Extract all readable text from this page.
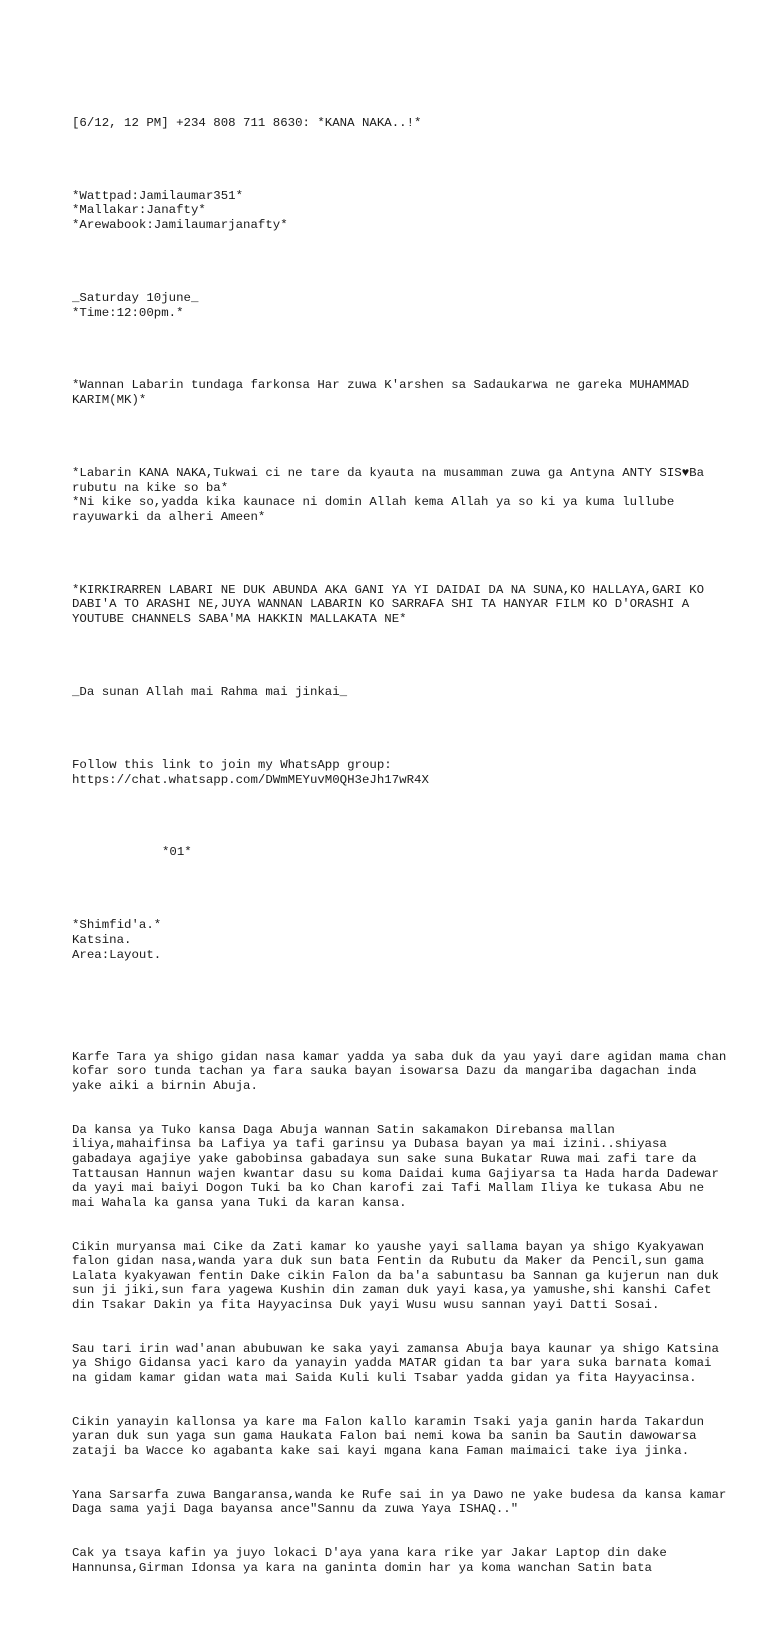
[6/12, 12 PM] +234 808 711 8630: *KANA NAKA..!*

*Wattpad:Jamilaumar351*
*Mallakar:Janafty*
*Arewabook:Jamilaumarjanafty*

_Saturday 10june_
*Time:12:00pm.*

*Wannan Labarin tundaga farkonsa Har zuwa K'arshen sa Sadaukarwa ne gareka MUHAMMAD KARIM(MK)*

*Labarin KANA NAKA,Tukwai ci ne tare da kyauta na musamman zuwa ga Antyna ANTY SIS♥Ba rubutu na kike so ba*
*Ni kike so,yadda kika kaunace ni domin Allah kema Allah ya so ki ya kuma lullube rayuwarki da alheri Ameen*

*KIRKIRARREN LABARI NE DUK ABUNDA AKA GANI YA YI DAIDAI DA NA SUNA,KO HALLAYA,GARI KO DABI'A TO ARASHI NE,JUYA WANNAN LABARIN KO SARRAFA SHI TA HANYAR FILM KO D'ORASHI A YOUTUBE CHANNELS SABA'MA HAKKIN MALLAKATA NE*

_Da sunan Allah mai Rahma mai jinkai_

Follow this link to join my WhatsApp group:
https://chat.whatsapp.com/DWmMEYuvM0QH3eJh17wR4X

*01*

*Shimfid'a.*
Katsina.
Area:Layout.

Karfe Tara ya shigo gidan nasa kamar yadda ya saba duk da yau yayi dare agidan mama chan kofar soro tunda tachan ya fara sauka bayan isowarsa Dazu da mangariba dagachan inda yake aiki a birnin Abuja.

Da kansa ya Tuko kansa Daga Abuja wannan Satin sakamakon Direbansa mallan iliya,mahaifinsa ba Lafiya ya tafi garinsu ya Dubasa bayan ya mai izini..shiyasa gabadaya agajiye yake gabobinsa gabadaya sun sake suna Bukatar Ruwa mai zafi tare da Tattausan Hannun wajen kwantar dasu su koma Daidai kuma Gajiyarsa ta Hada harda Dadewar da yayi mai baiyi Dogon Tuki ba ko Chan karofi zai Tafi Mallam Iliya ke tukasa Abu ne mai Wahala ka gansa yana Tuki da karan kansa.

Cikin muryansa mai Cike da Zati kamar ko yaushe yayi sallama bayan ya shigo Kyakyawan falon gidan nasa,wanda yara duk sun bata Fentin da Rubutu da Maker da Pencil,sun gama Lalata kyakyawan fentin Dake cikin Falon da ba'a sabuntasu ba Sannan ga kujerun nan duk sun ji jiki,sun fara yagewa Kushin din zaman duk yayi kasa,ya yamushe,shi kanshi Cafet din Tsakar Dakin ya fita Hayyacinsa Duk yayi Wusu wusu sannan yayi Datti Sosai.

Sau tari irin wad'anan abubuwan ke saka yayi zamansa Abuja baya kaunar ya shigo Katsina ya Shigo Gidansa yaci karo da yanayin yadda MATAR gidan ta bar yara suka barnata komai na gidam kamar gidan wata mai Saida Kuli kuli Tsabar yadda gidan ya fita Hayyacinsa.

Cikin yanayin kallonsa ya kare ma Falon kallo karamin Tsaki yaja ganin harda Takardun yaran duk sun yaga sun gama Haukata Falon bai nemi kowa ba sanin ba Sautin dawowarsa zataji ba Wacce ko agabanta kake sai kayi mgana kana Faman maimaici take iya jinka.

Yana Sarsarfa zuwa Bangaransa,wanda ke Rufe sai in ya Dawo ne yake budesa da kansa kamar Daga sama yaji Daga bayansa ance"Sannu da zuwa Yaya ISHAQ.."

Cak ya tsaya kafin ya juyo lokaci D'aya yana kara rike yar Jakar Laptop din dake Hannunsa,Girman Idonsa ya kara na ganinta domin har ya koma wanchan Satin bata
